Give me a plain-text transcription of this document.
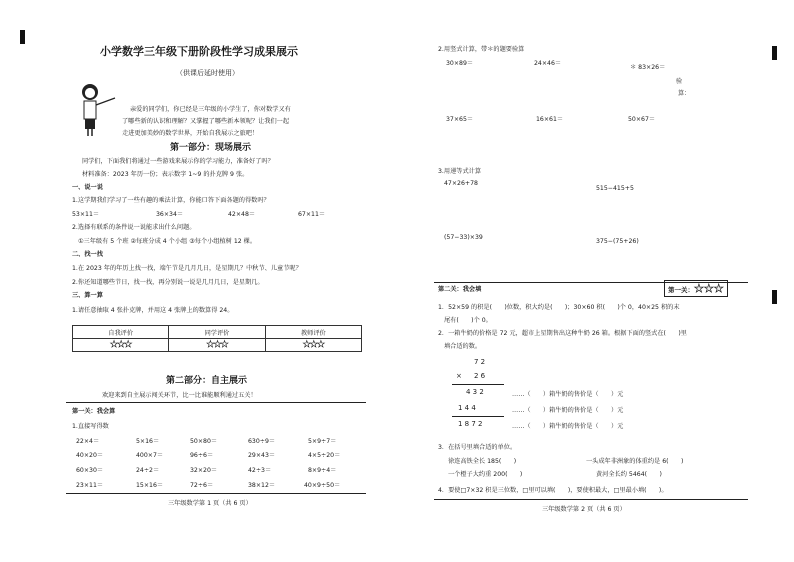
小学数学三年级下册阶段性学习成果展示
（供课后延时使用）
亲爱的同学们，你已经是三年级的小学生了，你对数学又有
了哪些新的认识和理解？又掌握了哪些新本领呢？让我们一起
走进更加美妙的数学世界，开始自我展示之旅吧！
第一部分：现场展示
同学们，下面我们将通过一些游戏来展示你的学习能力，准备好了吗？
材料准备：2023 年历一份；表示数字 1~9 的扑克牌 9 张。
一、说一说
1.这学期我们学习了一些有趣的乘法计算，你能口答下面各题的得数吗？
53×11＝	36×34＝	42×48＝	67×11＝
2.选择有联系的条件说一说能求出什么问题。
①三年级有 5 个班 ②每班分成 4 个小组 ③每个小组植树 12 棵。
二、找一找
1.在 2023 年的年历上找一找，端午节是几月几日，是星期几？中秋节、儿童节呢？
2.你还知道哪些节日，找一找，再分别说一说是几月几日，是星期几。
三、算一算
1.请任意抽取 4 张扑克牌，并用这 4 张牌上的数算得 24。
自我评价	同学评价	教师评价
★★★	★★★	★★★
第二部分：自主展示
欢迎来到自主展示闯关环节，比一比谁能顺利通过五关！
第一关：我会算
1.直接写得数
22×4＝	5×16＝	50×80＝	630÷9＝	5×9÷7＝
40×20＝	400×7＝	96÷6＝	29×43＝	4×5÷20＝
60×30＝	24÷2＝	32×20＝	42÷3＝	8×9÷4＝
23×11＝	15×16＝	72÷6＝	38×12＝	40×9÷50＝
三年级数学第 1 页（共 6 页）
2.用竖式计算，带＊的题要验算
30×89＝	24×46＝
＊ 83×26＝
验
算：
37×65＝	16×61＝	50×67＝
3.用递等式计算
47×26+78
515−415+5
(57−33)×39
375−(75+26)
第二关：我会填	第一关：★★★
1．52×59 的积是(　　)位数，积大约是(　　)；30×60 积(　　)个 0，40×25 积的末
尾有(　　)个 0。
2．一箱牛奶的价格是 72 元，超市上星期售出这种牛奶 26 箱。根据下面的竖式在(　　)里
填合适的数。
7 2
× 2 6
4 3 2
1 4 4
1 8 7 2
……（　　）箱牛奶的售价是（　　）元
……（　　）箱牛奶的售价是（　　）元
……（　　）箱牛奶的售价是（　　）元
3．在括号里填合适的单位。
徐连高铁全长 185(　　)	一头成年非洲象的体重约是 6(　　)
一个橙子大约重 200(　　)	黄河全长约 5464(　　)
4．要使□7×32 积是三位数，□里可以填(　　)，要使积最大，□里最小填(　　)。
三年级数学第 2 页（共 6 页）
